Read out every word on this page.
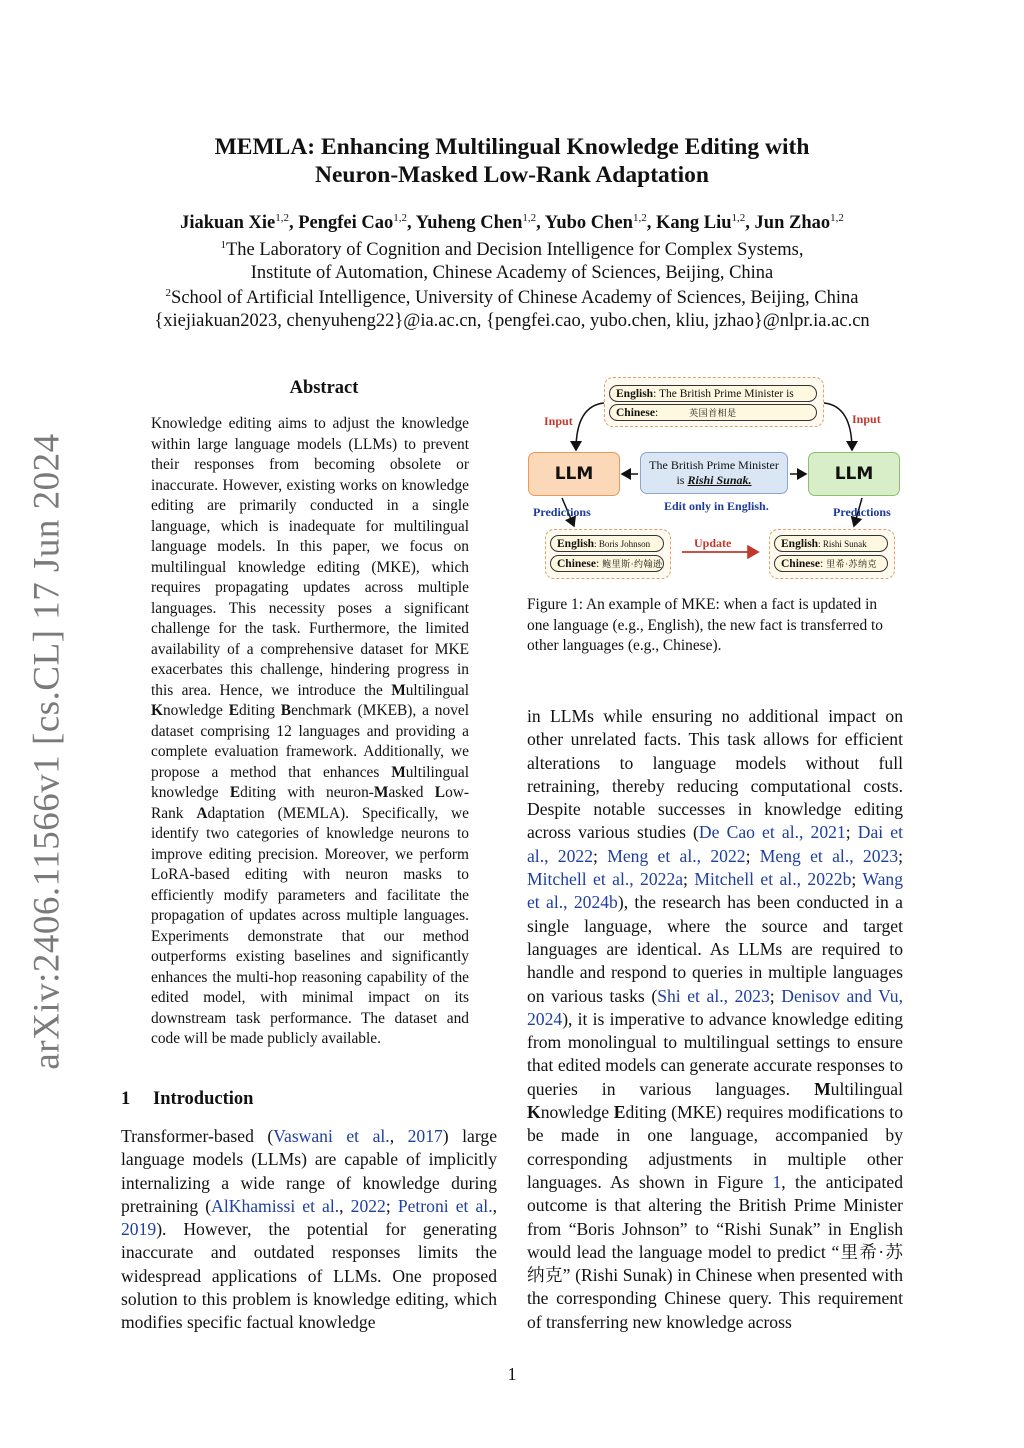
arXiv:2406.11566v1 [cs.CL] 17 Jun 2024
MEMLA: Enhancing Multilingual Knowledge Editing with
Neuron-Masked Low-Rank Adaptation
Jiakuan Xie$^{1,2}$, Pengfei Cao$^{1,2}$, Yuheng Chen$^{1,2}$, Yubo Chen$^{1,2}$, Kang Liu$^{1,2}$, Jun Zhao$^{1,2}$
$^1$The Laboratory of Cognition and Decision Intelligence for Complex Systems,
Institute of Automation, Chinese Academy of Sciences, Beijing, China
$^2$School of Artificial Intelligence, University of Chinese Academy of Sciences, Beijing, China
{xiejiakuan2023, chenyuheng22}@ia.ac.cn, {pengfei.cao, yubo.chen, kliu, jzhao}@nlpr.ia.ac.cn
Abstract
Knowledge editing aims to adjust the knowledge within large language models (LLMs) to prevent their responses from becoming obsolete or inaccurate. However, existing works on knowledge editing are primarily conducted in a single language, which is inadequate for multilingual language models. In this paper, we focus on multilingual knowledge editing (MKE), which requires propagating updates across multiple languages. This necessity poses a significant challenge for the task. Furthermore, the limited availability of a comprehensive dataset for MKE exacerbates this challenge, hindering progress in this area. Hence, we introduce the Multilingual Knowledge Editing Benchmark (MKEB), a novel dataset comprising 12 languages and providing a complete evaluation framework. Additionally, we propose a method that enhances Multilingual knowledge Editing with neuron-Masked Low-Rank Adaptation (MEMLA). Specifically, we identify two categories of knowledge neurons to improve editing precision. Moreover, we perform LoRA-based editing with neuron masks to efficiently modify parameters and facilitate the propagation of updates across multiple languages. Experiments demonstrate that our method outperforms existing baselines and significantly enhances the multi-hop reasoning capability of the edited model, with minimal impact on its downstream task performance. The dataset and code will be made publicly available.
1 Introduction
Transformer-based (Vaswani et al., 2017) large language models (LLMs) are capable of implicitly internalizing a wide range of knowledge during pretraining (AlKhamissi et al., 2022; Petroni et al., 2019). However, the potential for generating inaccurate and outdated responses limits the widespread applications of LLMs. One proposed solution to this problem is knowledge editing, which modifies specific factual knowledge
English: The British Prime Minister is
Chinese:	英国首相是
Input	Input
LLM	LLM
The British Prime Minister
is Rishi Sunak.
Edit only in English.
Predictions	Predictions
English: Boris Johnson
Chinese: 鲍里斯·约翰逊
Update	English: Rishi Sunak
Chinese: 里希·苏纳克
Figure 1: An example of MKE: when a fact is updated in one language (e.g., English), the new fact is transferred to other languages (e.g., Chinese).
in LLMs while ensuring no additional impact on other unrelated facts. This task allows for efficient alterations to language models without full retraining, thereby reducing computational costs. Despite notable successes in knowledge editing across various studies (De Cao et al., 2021; Dai et al., 2022; Meng et al., 2022; Meng et al., 2023; Mitchell et al., 2022a; Mitchell et al., 2022b; Wang et al., 2024b), the research has been conducted in a single language, where the source and target languages are identical. As LLMs are required to handle and respond to queries in multiple languages on various tasks (Shi et al., 2023; Denisov and Vu, 2024), it is imperative to advance knowledge editing from monolingual to multilingual settings to ensure that edited models can generate accurate responses to queries in various languages. Multilingual Knowledge Editing (MKE) requires modifications to be made in one language, accompanied by corresponding adjustments in multiple other languages. As shown in Figure 1, the anticipated outcome is that altering the British Prime Minister from “Boris Johnson” to “Rishi Sunak” in English would lead the language model to predict “里希·苏纳克” (Rishi Sunak) in Chinese when presented with the corresponding Chinese query. This requirement of transferring new knowledge across
1
